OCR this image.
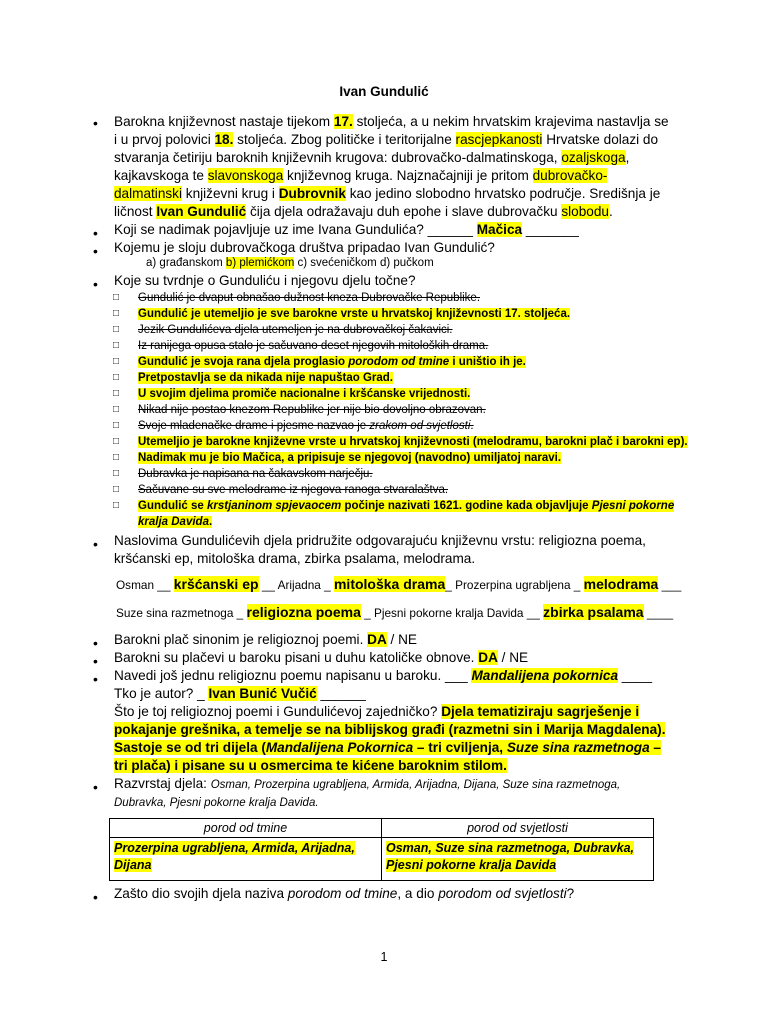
Ivan Gundulić
• Barokna književnost nastaje tijekom 17. stoljeća, a u nekim hrvatskim krajevima nastavlja se i u prvoj polovici 18. stoljeća. Zbog političke i teritorijalne rascjepkanosti Hrvatske dolazi do stvaranja četiriju baroknih književnih krugova: dubrovačko-dalmatinskoga, ozaljskoga, kajkavskoga te slavonskoga književnog kruga. Najznačajniji je pritom dubrovačko-dalmatinski književni krug i Dubrovnik kao jedino slobodno hrvatsko područje. Središnja je ličnost Ivan Gundulić čija djela odražavaju duh epohe i slave dubrovačku slobodu.
• Koji se nadimak pojavljuje uz ime Ivana Gundulića? ______ Mačica _______
• Kojemu je sloju dubrovačkoga društva pripadao Ivan Gundulić?
a) građanskom b) plemićkom c) svećeničkom d) pučkom
• Koje su tvrdnje o Gunduliću i njegovu djelu točne?
□ Gundulić je dvaput obnašao dužnost kneza Dubrovačke Republike.
□ Gundulić je utemeljio je sve barokne vrste u hrvatskoj književnosti 17. stoljeća.
□ Jezik Gundulićeva djela utemeljen je na dubrovačkoj čakavici.
□ Iz ranijega opusa stalo je sačuvano deset njegovih mitoloških drama.
□ Gundulić je svoja rana djela proglasio porodom od tmine i uništio ih je.
□ Pretpostavlja se da nikada nije napuštao Grad.
□ U svojim djelima promiče nacionalne i kršćanske vrijednosti.
□ Nikad nije postao knezom Republike jer nije bio dovoljno obrazovan.
□ Svoje mladenačke drame i pjesme nazvao je zrakom od svjetlosti.
□ Utemeljio je barokne književne vrste u hrvatskoj književnosti (melodramu, barokni plač i barokni ep).
□ Nadimak mu je bio Mačica, a pripisuje se njegovoj (navodno) umiljatoj naravi.
□ Dubravka je napisana na čakavskom narječju.
□ Sačuvane su sve melodrame iz njegova ranoga stvaralaštva.
□ Gundulić se krstjaninom spjevaocem počinje nazivati 1621. godine kada objavljuje Pjesni pokorne kralja Davida.
• Naslovima Gundulićevih djela pridružite odgovarajuću književnu vrstu: religiozna poema, kršćanski ep, mitološka drama, zbirka psalama, melodrama.
Osman __ kršćanski ep __ Arijadna _ mitološka drama_ Prozerpina ugrabljena _ melodrama ___
Suze sina razmetnoga _ religiozna poema _ Pjesni pokorne kralja Davida __ zbirka psalama ____
• Barokni plač sinonim je religioznoj poemi. DA / NE
• Barokni su plačevi u baroku pisani u duhu katoličke obnove. DA / NE
• Navedi još jednu religioznu poemu napisanu u baroku. ___ Mandalijena pokornica ____
Tko je autor? _ Ivan Bunić Vučić ______
Što je toj religioznoj poemi i Gundulićevoj zajedničko? Djela tematiziraju sagrješenje i pokajanje grešnika, a temelje se na biblijskog građi (razmetni sin i Marija Magdalena). Sastoje se od tri dijela (Mandalijena Pokornica – tri cviljenja, Suze sina razmetnoga – tri plača) i pisane su u osmercima te kićene baroknim stilom.
• Razvrstaj djela: Osman, Prozerpina ugrabljena, Armida, Arijadna, Dijana, Suze sina razmetnoga, Dubravka, Pjesni pokorne kralja Davida.
porod od tmine	porod od svjetlosti
Prozerpina ugrabljena, Armida, Arijadna, Dijana	Osman, Suze sina razmetnoga, Dubravka, Pjesni pokorne kralja Davida
• Zašto dio svojih djela naziva porodom od tmine, a dio porodom od svjetlosti?
1
